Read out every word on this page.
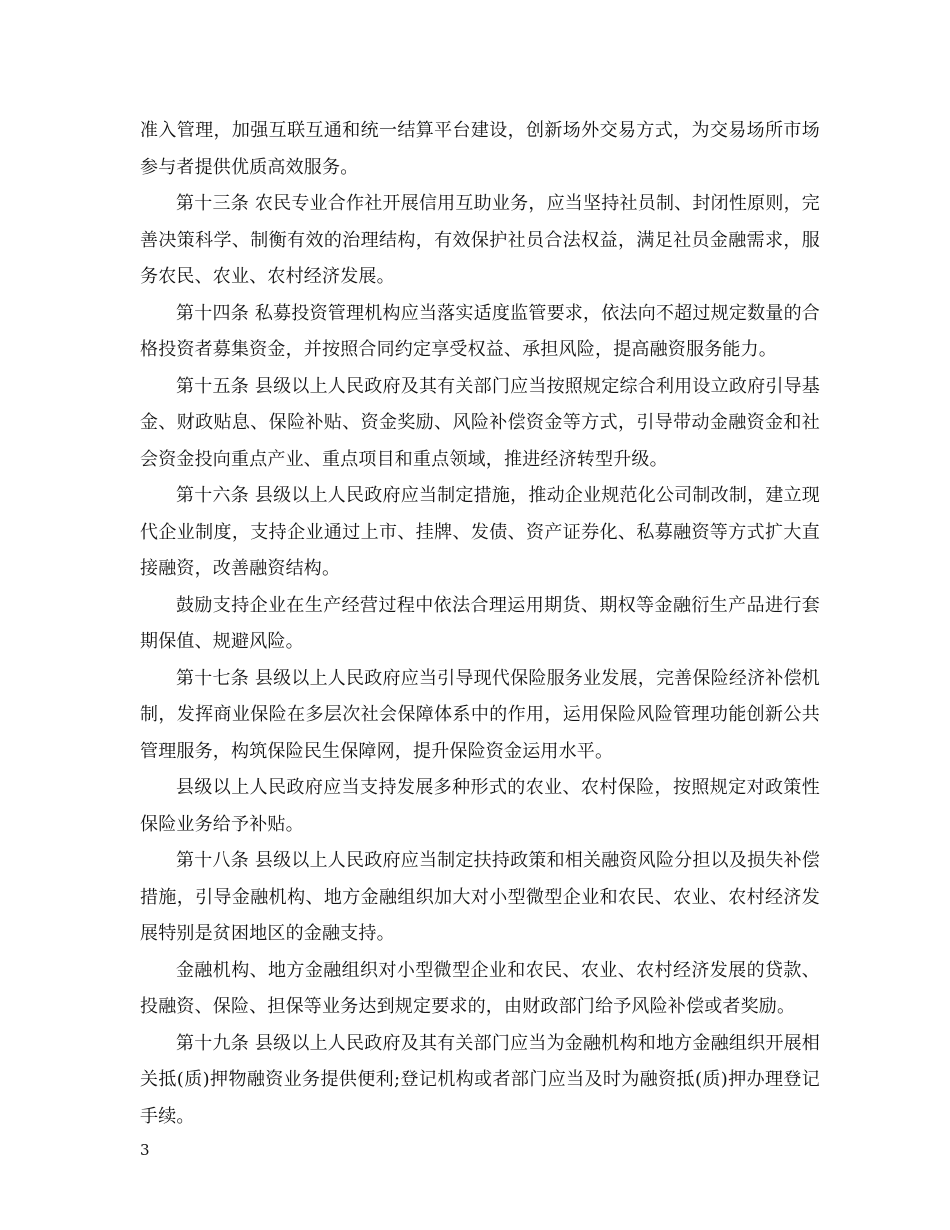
准入管理，加强互联互通和统一结算平台建设，创新场外交易方式，为交易场所市场参与者提供优质高效服务。

第十三条 农民专业合作社开展信用互助业务，应当坚持社员制、封闭性原则，完善决策科学、制衡有效的治理结构，有效保护社员合法权益，满足社员金融需求，服务农民、农业、农村经济发展。

第十四条 私募投资管理机构应当落实适度监管要求，依法向不超过规定数量的合格投资者募集资金，并按照合同约定享受权益、承担风险，提高融资服务能力。

第十五条 县级以上人民政府及其有关部门应当按照规定综合利用设立政府引导基金、财政贴息、保险补贴、资金奖励、风险补偿资金等方式，引导带动金融资金和社会资金投向重点产业、重点项目和重点领域，推进经济转型升级。

第十六条 县级以上人民政府应当制定措施，推动企业规范化公司制改制，建立现代企业制度，支持企业通过上市、挂牌、发债、资产证券化、私募融资等方式扩大直接融资，改善融资结构。

鼓励支持企业在生产经营过程中依法合理运用期货、期权等金融衍生产品进行套期保值、规避风险。

第十七条 县级以上人民政府应当引导现代保险服务业发展，完善保险经济补偿机制，发挥商业保险在多层次社会保障体系中的作用，运用保险风险管理功能创新公共管理服务，构筑保险民生保障网，提升保险资金运用水平。

县级以上人民政府应当支持发展多种形式的农业、农村保险，按照规定对政策性保险业务给予补贴。

第十八条 县级以上人民政府应当制定扶持政策和相关融资风险分担以及损失补偿措施，引导金融机构、地方金融组织加大对小型微型企业和农民、农业、农村经济发展特别是贫困地区的金融支持。

金融机构、地方金融组织对小型微型企业和农民、农业、农村经济发展的贷款、投融资、保险、担保等业务达到规定要求的，由财政部门给予风险补偿或者奖励。

第十九条 县级以上人民政府及其有关部门应当为金融机构和地方金融组织开展相关抵(质)押物融资业务提供便利;登记机构或者部门应当及时为融资抵(质)押办理登记手续。

3
